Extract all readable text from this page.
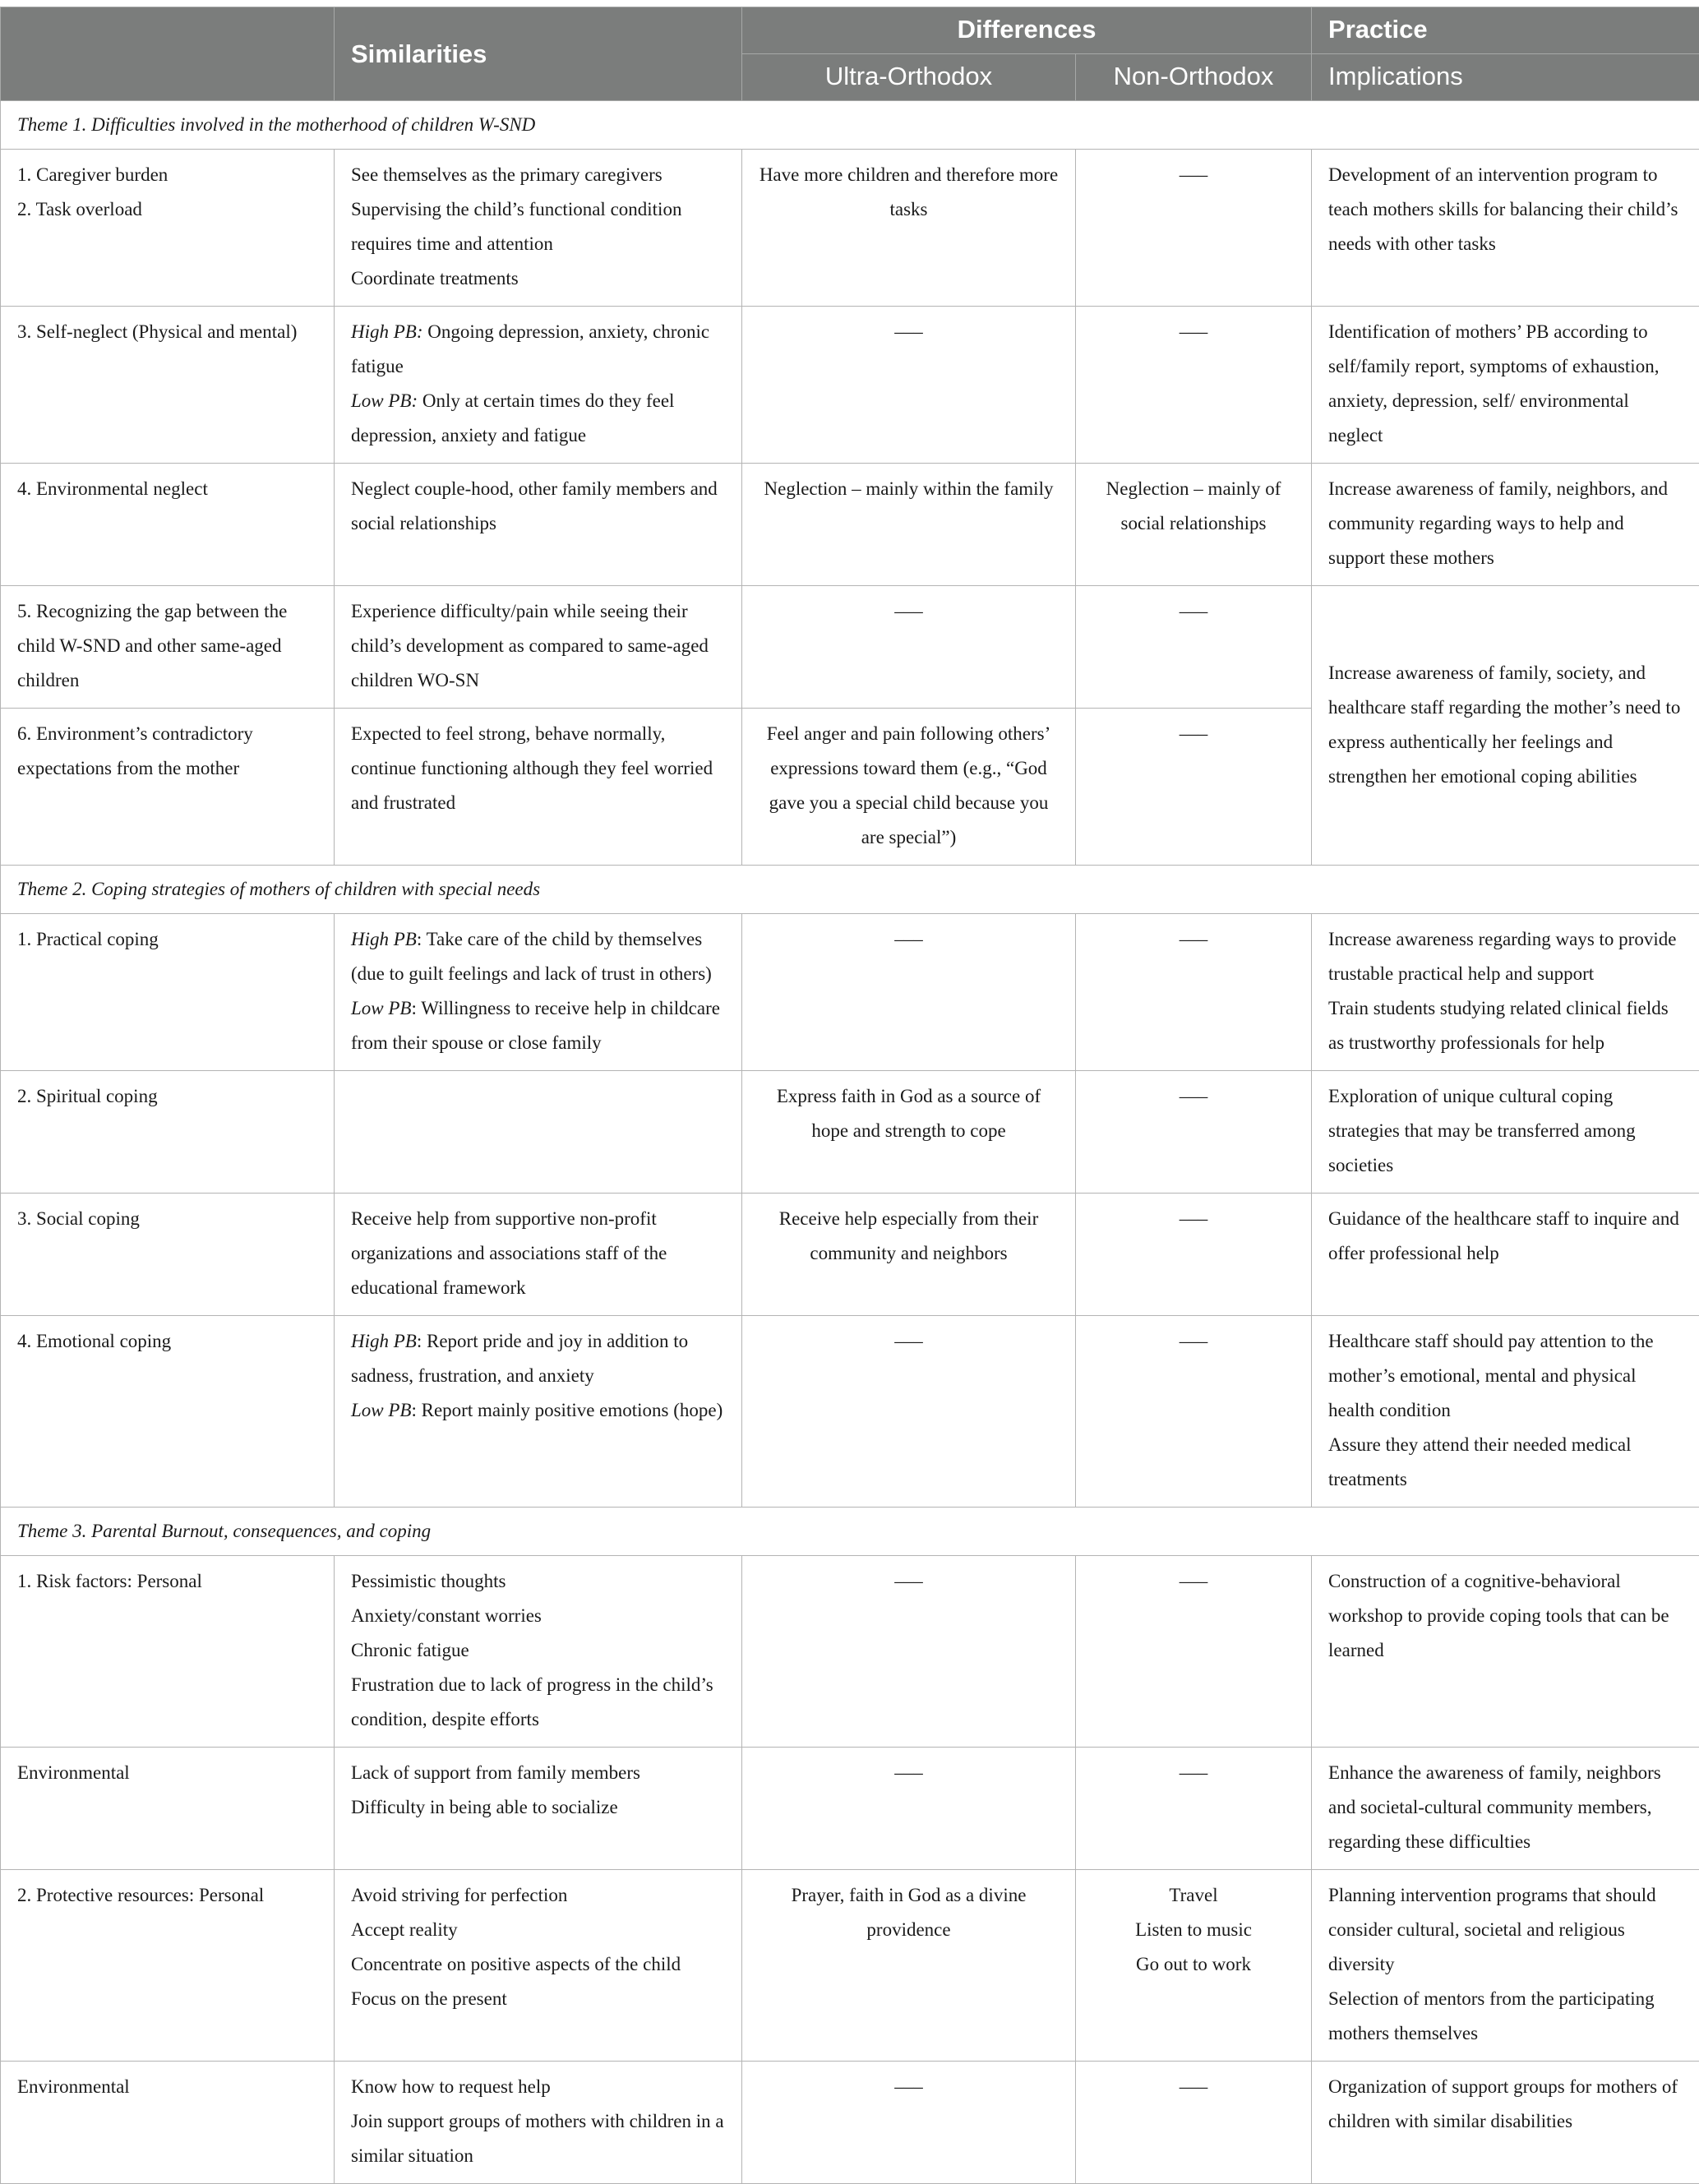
	Similarities	Differences		Practice
		Ultra-Orthodox	Non-Orthodox	Implications
Theme 1. Difficulties involved in the motherhood of children W-SND				

1. Caregiver burden
2. Task overload	See themselves as the primary caregivers
Supervising the child’s functional condition requires time and attention
Coordinate treatments	Have more children and therefore more tasks	–––	Development of an intervention program to teach mothers skills for balancing their child’s needs with other tasks

3. Self-neglect (Physical and mental)	High PB: Ongoing depression, anxiety, chronic fatigue
Low PB: Only at certain times do they feel depression, anxiety and fatigue	–––	–––	Identification of mothers’ PB according to self/family report, symptoms of exhaustion, anxiety, depression, self/ environmental neglect

4. Environmental neglect	Neglect couple-hood, other family members and social relationships	Neglection – mainly within the family	Neglection – mainly of social relationships	Increase awareness of family, neighbors, and community regarding ways to help and support these mothers

5. Recognizing the gap between the child W-SND and other same-aged children	Experience difficulty/pain while seeing their child’s development as compared to same-aged children WO-SN	–––	–––	Increase awareness of family, society, and healthcare staff regarding the mother’s need to express authentically her feelings and strengthen her emotional coping abilities

6. Environment’s contradictory expectations from the mother	Expected to feel strong, behave normally, continue functioning although they feel worried and frustrated	Feel anger and pain following others’ expressions toward them (e.g., “God gave you a special child because you are special”)	–––	

Theme 2. Coping strategies of mothers of children with special needs				

1. Practical coping	High PB: Take care of the child by themselves (due to guilt feelings and lack of trust in others)
Low PB: Willingness to receive help in childcare from their spouse or close family	–––	–––	Increase awareness regarding ways to provide trustable practical help and support
Train students studying related clinical fields as trustworthy professionals for help

2. Spiritual coping		Express faith in God as a source of hope and strength to cope	–––	Exploration of unique cultural coping strategies that may be transferred among societies

3. Social coping	Receive help from supportive non-profit organizations and associations staff of the educational framework	Receive help especially from their community and neighbors	–––	Guidance of the healthcare staff to inquire and offer professional help

4. Emotional coping	High PB: Report pride and joy in addition to sadness, frustration, and anxiety
Low PB: Report mainly positive emotions (hope)	–––	–––	Healthcare staff should pay attention to the mother’s emotional, mental and physical health condition
Assure they attend their needed medical treatments

Theme 3. Parental Burnout, consequences, and coping				

1. Risk factors: Personal	Pessimistic thoughts
Anxiety/constant worries
Chronic fatigue
Frustration due to lack of progress in the child’s condition, despite efforts	–––	–––	Construction of a cognitive-behavioral workshop to provide coping tools that can be learned

Environmental	Lack of support from family members
Difficulty in being able to socialize	–––	–––	Enhance the awareness of family, neighbors and societal-cultural community members, regarding these difficulties

2. Protective resources: Personal	Avoid striving for perfection
Accept reality
Concentrate on positive aspects of the child
Focus on the present	Prayer, faith in God as a divine providence	Travel
Listen to music
Go out to work	Planning intervention programs that should consider cultural, societal and religious diversity
Selection of mentors from the participating mothers themselves

Environmental	Know how to request help
Join support groups of mothers with children in a similar situation	–––	–––	Organization of support groups for mothers of children with similar disabilities
